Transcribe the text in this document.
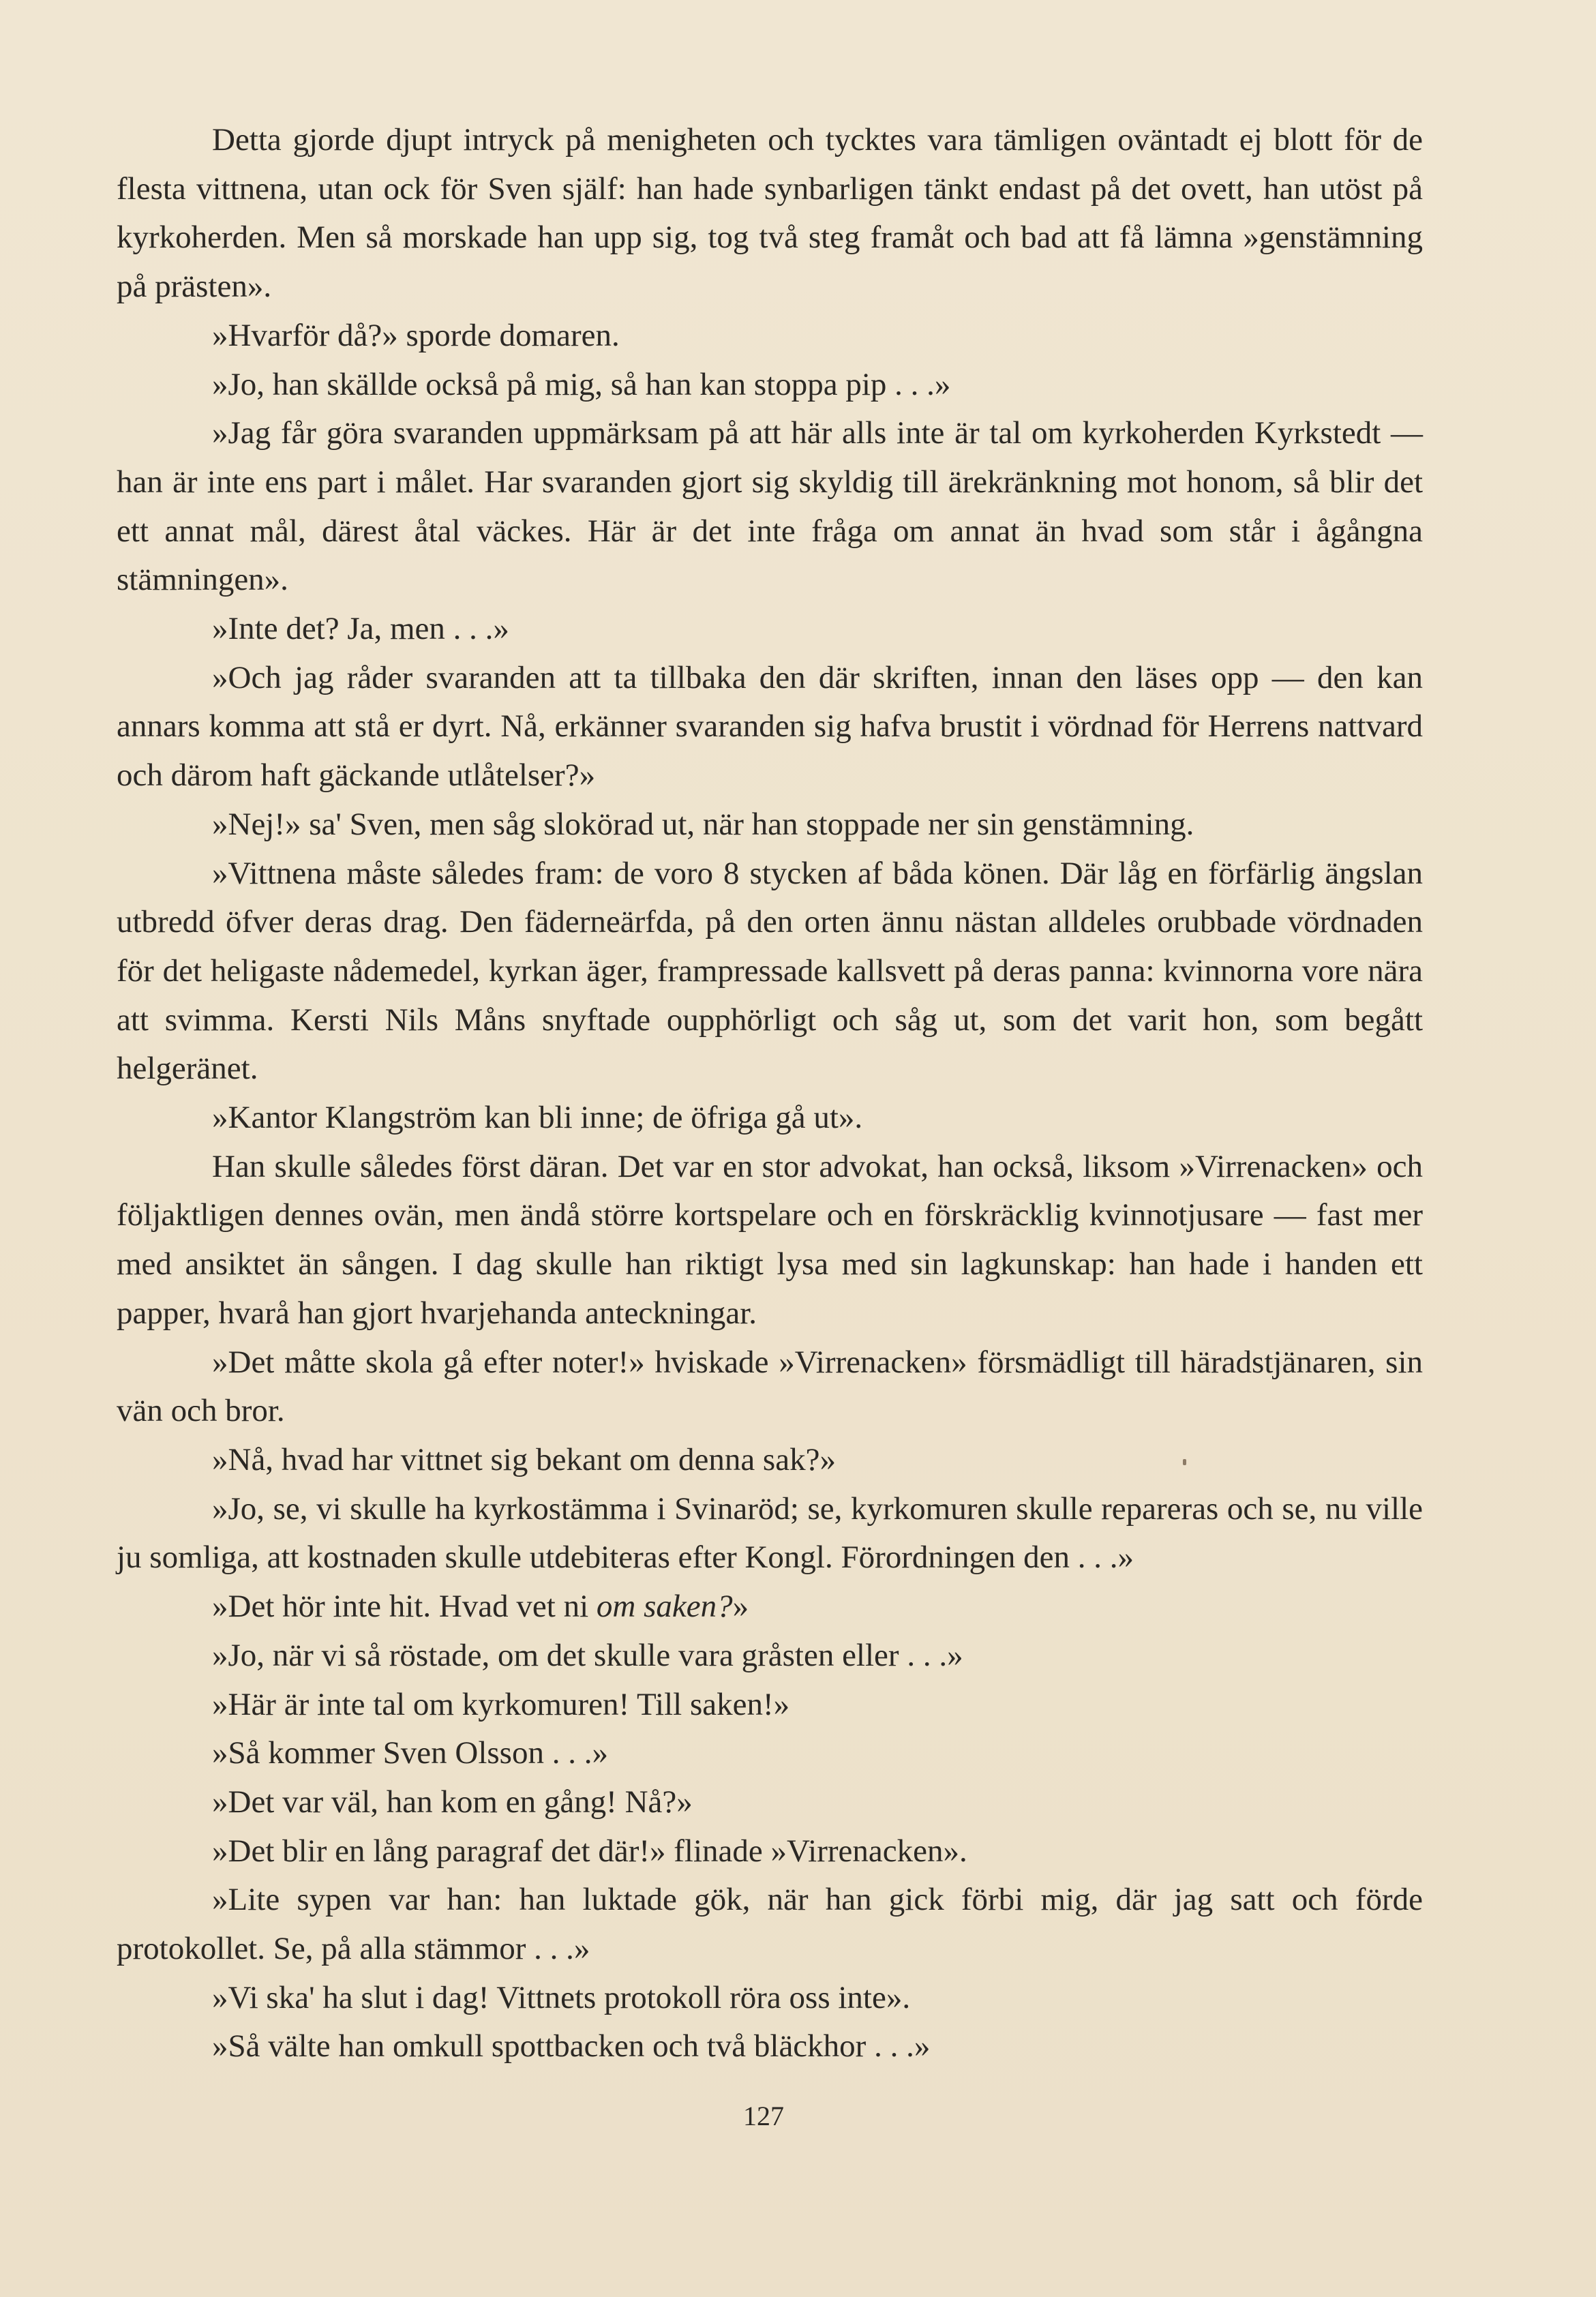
Detta gjorde djupt intryck på menigheten och tycktes vara tämligen oväntadt ej blott för de flesta vittnena, utan ock för Sven själf: han hade synbarligen tänkt endast på det ovett, han utöst på kyrkoherden. Men så morskade han upp sig, tog två steg framåt och bad att få lämna »genstämning på prästen».

»Hvarför då?» sporde domaren.

»Jo, han skällde också på mig, så han kan stoppa pip . . .»

»Jag får göra svaranden uppmärksam på att här alls inte är tal om kyrkoherden Kyrkstedt — han är inte ens part i målet. Har svaranden gjort sig skyldig till ärekränkning mot honom, så blir det ett annat mål, därest åtal väckes. Här är det inte fråga om annat än hvad som står i ågångna stämningen».

»Inte det? Ja, men . . .»

»Och jag råder svaranden att ta tillbaka den där skriften, innan den läses opp — den kan annars komma att stå er dyrt. Nå, erkänner svaranden sig hafva brustit i vördnad för Herrens nattvard och därom haft gäckande utlåtelser?»

»Nej!» sa' Sven, men såg slokörad ut, när han stoppade ner sin genstämning.

»Vittnena måste således fram: de voro 8 stycken af båda könen. Där låg en förfärlig ängslan utbredd öfver deras drag. Den fäderneärfda, på den orten ännu nästan alldeles orubbade vördnaden för det heligaste nådemedel, kyrkan äger, frampressade kallsvett på deras panna: kvinnorna vore nära att svimma. Kersti Nils Måns snyftade oupphörligt och såg ut, som det varit hon, som begått helgeränet.

»Kantor Klangström kan bli inne; de öfriga gå ut».

Han skulle således först däran. Det var en stor advokat, han också, liksom »Virrenacken» och följaktligen dennes ovän, men ändå större kortspelare och en förskräcklig kvinnotjusare — fast mer med ansiktet än sången. I dag skulle han riktigt lysa med sin lagkunskap: han hade i handen ett papper, hvarå han gjort hvarjehanda anteckningar.

»Det måtte skola gå efter noter!» hviskade »Virrenacken» försmädligt till häradstjänaren, sin vän och bror.

»Nå, hvad har vittnet sig bekant om denna sak?»

»Jo, se, vi skulle ha kyrkostämma i Svinaröd; se, kyrkomuren skulle repareras och se, nu ville ju somliga, att kostnaden skulle utdebiteras efter Kongl. Förordningen den . . .»

»Det hör inte hit. Hvad vet ni om saken?»

»Jo, när vi så röstade, om det skulle vara gråsten eller . . .»

»Här är inte tal om kyrkomuren! Till saken!»

»Så kommer Sven Olsson . . .»

»Det var väl, han kom en gång! Nå?»

»Det blir en lång paragraf det där!» flinade »Virrenacken».

»Lite sypen var han: han luktade gök, när han gick förbi mig, där jag satt och förde protokollet. Se, på alla stämmor . . .»

»Vi ska' ha slut i dag! Vittnets protokoll röra oss inte».

»Så välte han omkull spottbacken och två bläckhor . . .»

127
